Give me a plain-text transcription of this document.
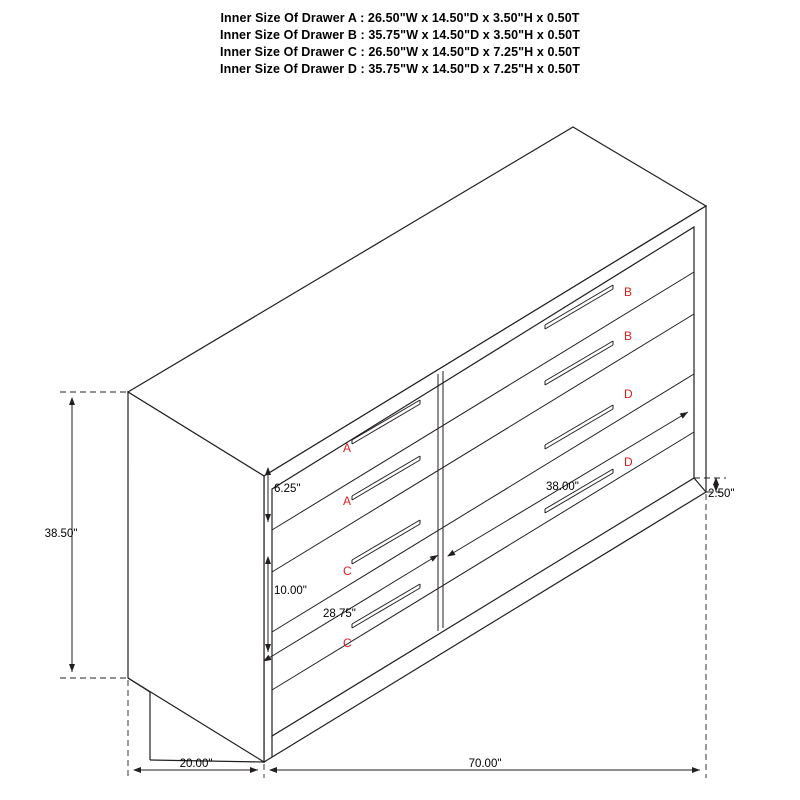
Inner Size Of Drawer A : 26.50"W x 14.50"D x 3.50"H x 0.50T
Inner Size Of Drawer B : 35.75"W x 14.50"D x 3.50"H x 0.50T
Inner Size Of Drawer C : 26.50"W x 14.50"D x 7.25"H x 0.50T
Inner Size Of Drawer D : 35.75"W x 14.50"D x 7.25"H x 0.50T
38.50"
6.25"
10.00"
2.50"
20.00"	70.00"
28.75"
38.00"
B
B
D
D
A
A
C
C
